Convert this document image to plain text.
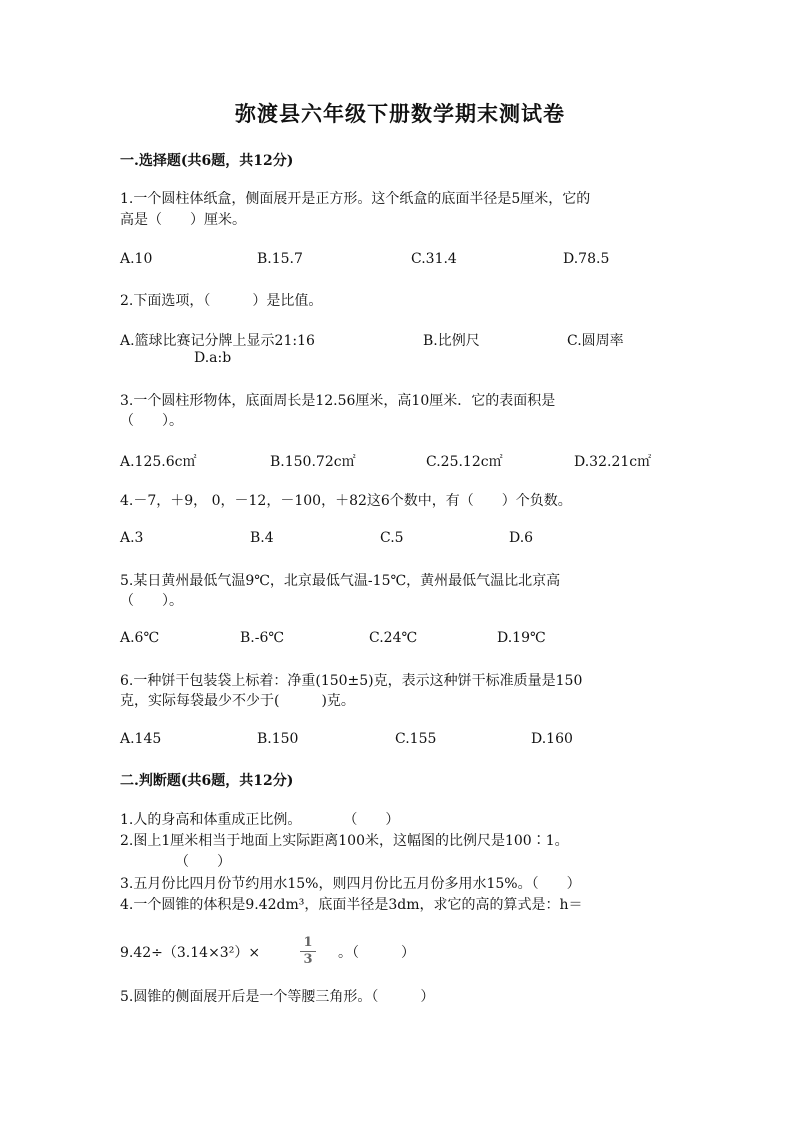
弥渡县六年级下册数学期末测试卷
一.选择题(共6题，共12分)
1.一个圆柱体纸盒，侧面展开是正方形。这个纸盒的底面半径是5厘米，它的
高是（　　）厘米。
A.10	B.15.7	C.31.4	D.78.5
2.下面选项，（　　　）是比值。
A.篮球比赛记分牌上显示21:16	B.比例尺	C.圆周率
D.a:b
3.一个圆柱形物体，底面周长是12.56厘米，高10厘米．它的表面积是
（　　）。
A.125.6c㎡	B.150.72c㎡	C.25.12c㎡	D.32.21c㎡
4.－7，＋9， 0，－12，－100，＋82这6个数中，有（　　）个负数。
A.3	B.4	C.5	D.6
5.某日黄州最低气温9℃，北京最低气温-15℃，黄州最低气温比北京高
（　　）。
A.6℃	B.-6℃	C.24℃	D.19℃
6.一种饼干包装袋上标着：净重(150±5)克，表示这种饼干标准质量是150
克，实际每袋最少不少于(　　　)克。
A.145	B.150	C.155	D.160
二.判断题(共6题，共12分)
1.人的身高和体重成正比例。　　　　（　　）
2.图上1厘米相当于地面上实际距离100米，这幅图的比例尺是100∶1。
（　　）
3.五月份比四月份节约用水15%，则四月份比五月份多用水15%。（　　）
4.一个圆锥的体积是9.42dm³，底面半径是3dm，求它的高的算式是：h＝
9.42÷（3.14×3²）×
1
3 。（　　　）
5.圆锥的侧面展开后是一个等腰三角形。（　　　）
